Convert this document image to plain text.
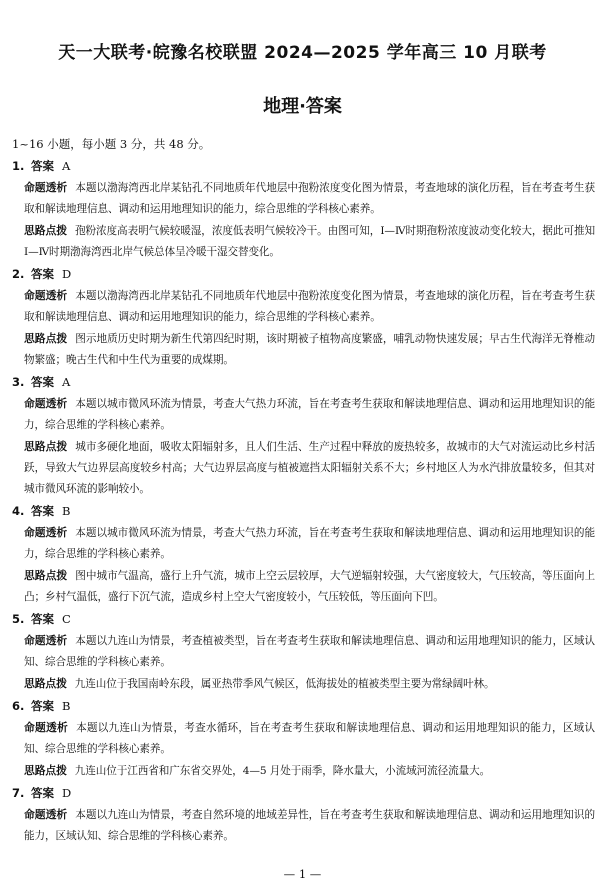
天一大联考·皖豫名校联盟 2024—2025 学年高三 10 月联考
地理·答案
1~16 小题，每小题 3 分，共 48 分。
1. 答案 A
命题透析 本题以渤海湾西北岸某钻孔不同地质年代地层中孢粉浓度变化图为情景，考查地球的演化历程，旨在考查考生获取和解读地理信息、调动和运用地理知识的能力，综合思维的学科核心素养。
思路点拨 孢粉浓度高表明气候较暖湿，浓度低表明气候较冷干。由图可知，Ⅰ—Ⅳ时期孢粉浓度波动变化较大，据此可推知Ⅰ—Ⅳ时期渤海湾西北岸气候总体呈冷暖干湿交替变化。
2. 答案 D
命题透析 本题以渤海湾西北岸某钻孔不同地质年代地层中孢粉浓度变化图为情景，考查地球的演化历程，旨在考查考生获取和解读地理信息、调动和运用地理知识的能力，综合思维的学科核心素养。
思路点拨 图示地质历史时期为新生代第四纪时期，该时期被子植物高度繁盛，哺乳动物快速发展；早古生代海洋无脊椎动物繁盛；晚古生代和中生代为重要的成煤期。
3. 答案 A
命题透析 本题以城市微风环流为情景，考查大气热力环流，旨在考查考生获取和解读地理信息、调动和运用地理知识的能力，综合思维的学科核心素养。
思路点拨 城市多硬化地面，吸收太阳辐射多，且人们生活、生产过程中释放的废热较多，故城市的大气对流运动比乡村活跃，导致大气边界层高度较乡村高；大气边界层高度与植被遮挡太阳辐射关系不大；乡村地区人为水汽排放量较多，但其对城市微风环流的影响较小。
4. 答案 B
命题透析 本题以城市微风环流为情景，考查大气热力环流，旨在考查考生获取和解读地理信息、调动和运用地理知识的能力，综合思维的学科核心素养。
思路点拨 图中城市气温高，盛行上升气流，城市上空云层较厚，大气逆辐射较强，大气密度较大，气压较高，等压面向上凸；乡村气温低，盛行下沉气流，造成乡村上空大气密度较小，气压较低，等压面向下凹。
5. 答案 C
命题透析 本题以九连山为情景，考查植被类型，旨在考查考生获取和解读地理信息、调动和运用地理知识的能力，区域认知、综合思维的学科核心素养。
思路点拨 九连山位于我国南岭东段，属亚热带季风气候区，低海拔处的植被类型主要为常绿阔叶林。
6. 答案 B
命题透析 本题以九连山为情景，考查水循环，旨在考查考生获取和解读地理信息、调动和运用地理知识的能力，区域认知、综合思维的学科核心素养。
思路点拨 九连山位于江西省和广东省交界处，4—5 月处于雨季，降水量大，小流域河流径流量大。
7. 答案 D
命题透析 本题以九连山为情景，考查自然环境的地域差异性，旨在考查考生获取和解读地理信息、调动和运用地理知识的能力，区域认知、综合思维的学科核心素养。
— 1 —
